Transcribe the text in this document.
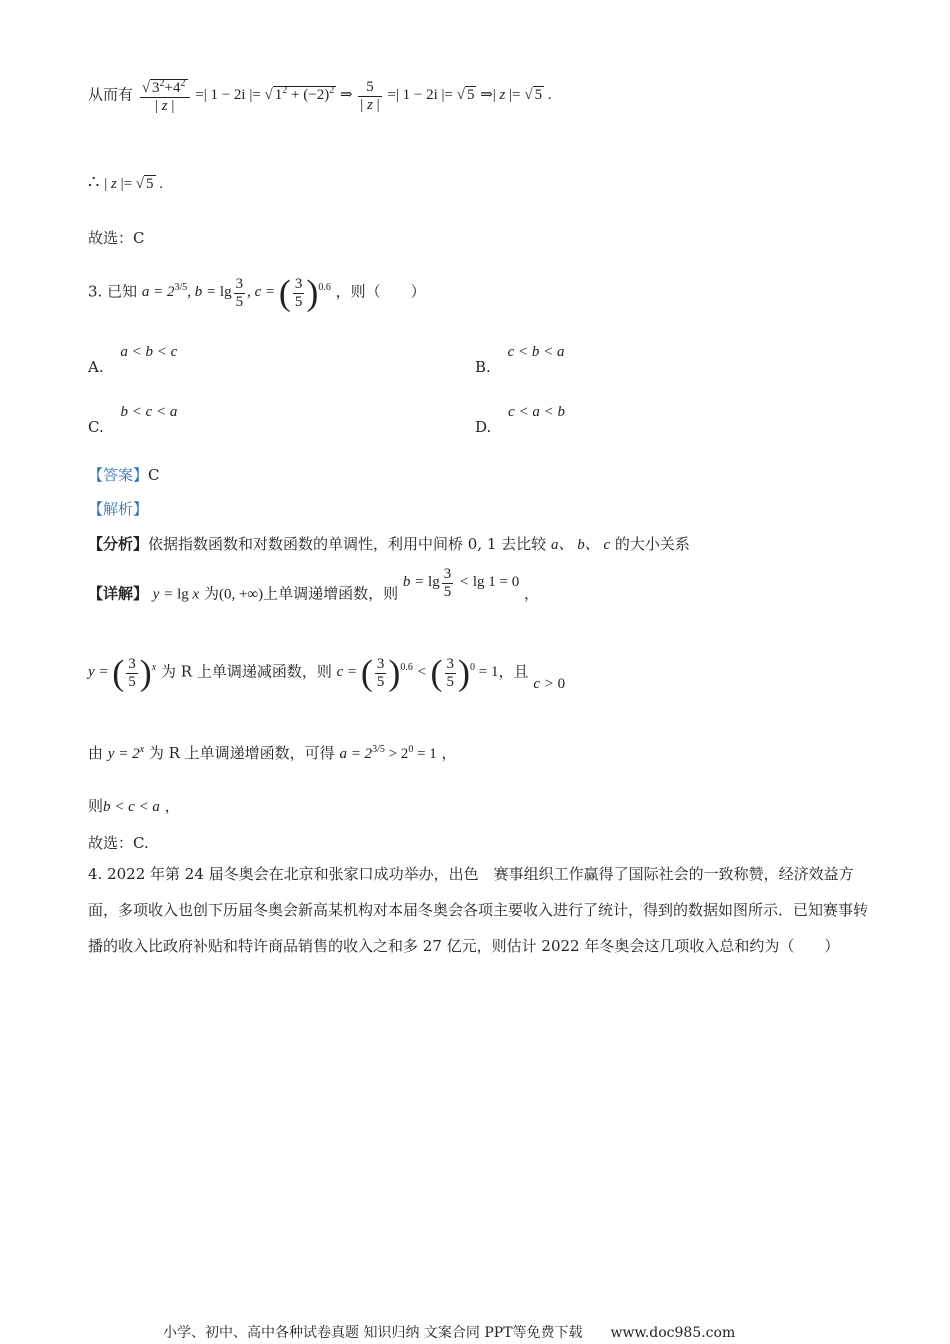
从而有 $\frac{√ 3^2+4^2}{| z |}$ =| 1 − 2i |= √ $1^2 + (-2)^2$ ⇒ $\frac{5}{| z |}$ =| 1 − 2i |= √ 5 ⇒| z |= √ 5 .
∴ | z |= √ 5 .
故选：C
3. 已知 $a = 2^{3/5}$, $b = \lg \frac{3}{5}$ , c = ( $\frac{3}{5} )^{0.6}$ ，则（　　）
A. a < b < c
B. c < b < a
C. b < c < a
D. c < a < b
【答案】C
【解析】
【分析】依据指数函数和对数函数的单调性，利用中间桥 0, 1 去比较 a、 b、 c 的大小关系
【详解】 y = lg x 为(0, +∞)上单调递增函数，则 $b = \lg \frac{3}{5} < \lg 1 = 0$ ，
y = ( $\frac{3}{5} )^x$ 为 R 上单调递减函数，则 c = ( $\frac{3}{5} )^{0.6}$ < ( $\frac{3}{5} )^0 = 1$，且 c > 0
由 $y = 2^x$ 为 R 上单调递增函数，可得 $a = 2^{3/5} > 2^0 = 1$ ，
则b < c < a ，
故选：C.
4. 2022 年第 24 届冬奥会在北京和张家口成功举办，出色　赛事组织工作赢得了国际社会的一致称赞，经济效益方面，多项收入也创下历届冬奥会新高某机构对本届冬奥会各项主要收入进行了统计，得到的数据如图所示．已知赛事转播的收入比政府补贴和特许商品销售的收入之和多 27 亿元，则估计 2022 年冬奥会这几项收入总和约为（　　）
小学、初中、高中各种试卷真题 知识归纳 文案合同 PPT等免费下载　　www.doc985.com
